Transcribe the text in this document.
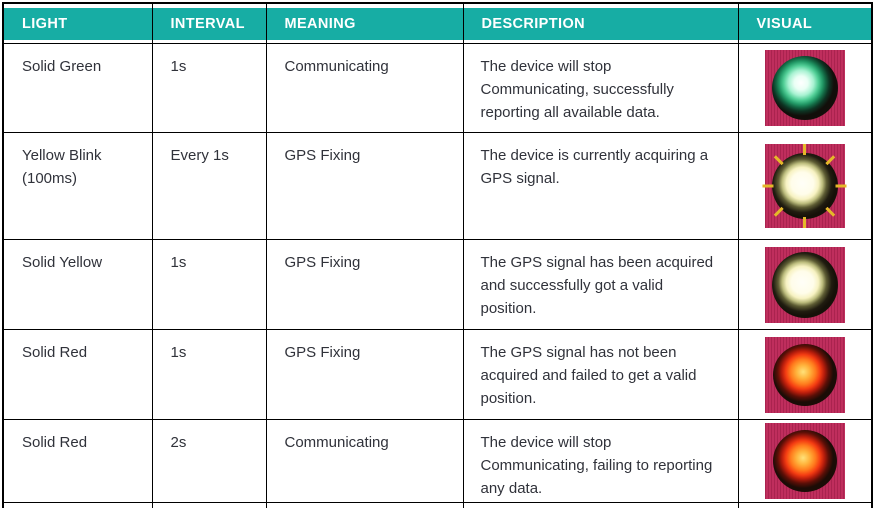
LIGHT	INTERVAL	MEANING	DESCRIPTION	VISUAL

Solid Green	1s	Communicating	The device will stop Communicating, successfully reporting all available data.	

Yellow Blink (100ms)	Every 1s	GPS Fixing	The device is currently acquiring a GPS signal.	

Solid Yellow	1s	GPS Fixing	The GPS signal has been acquired and successfully got a valid position.	

Solid Red	1s	GPS Fixing	The GPS signal has not been acquired and failed to get a valid position.	

Solid Red	2s	Communicating	The device will stop Communicating, failing to reporting any data.	
